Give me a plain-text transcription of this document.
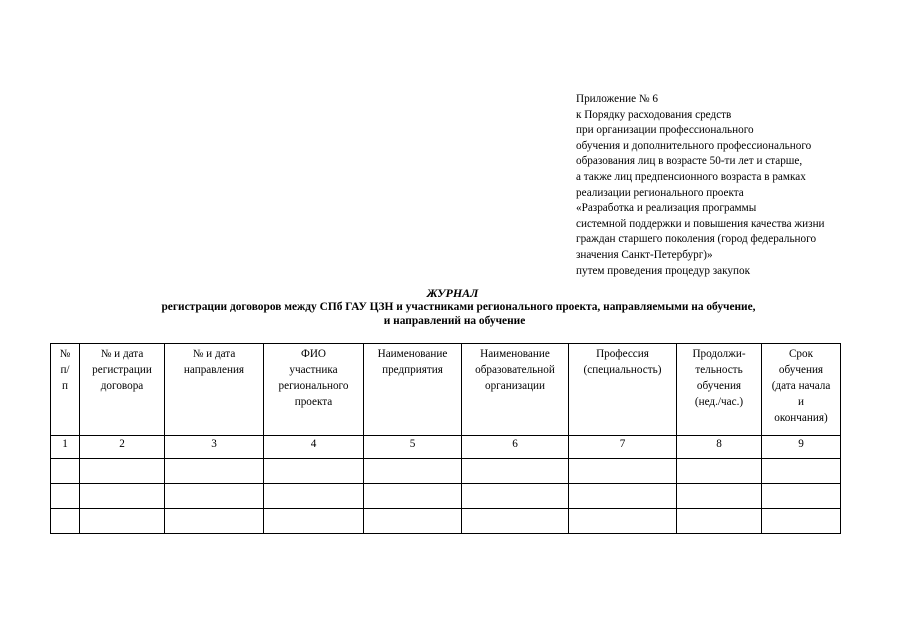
Приложение № 6
к Порядку расходования средств
при организации профессионального
обучения и дополнительного профессионального
образования лиц в возрасте 50-ти лет и старше,
а также лиц предпенсионного возраста в рамках
реализации регионального проекта
«Разработка и реализация программы
системной поддержки и повышения качества жизни
граждан старшего поколения (город федерального
значения Санкт-Петербург)»
путем проведения процедур закупок
ЖУРНАЛ
регистрации договоров между СПб ГАУ ЦЗН и участниками регионального проекта, направляемыми на обучение,
и направлений на обучение
№
п/
п	№ и дата
регистрации
договора	№ и дата
направления	ФИО
участника
регионального
проекта	Наименование
предприятия	Наименование
образовательной
организации	Профессия
(специальность)	Продолжи-
тельность
обучения
(нед./час.)	Срок
обучения
(дата начала
и
окончания)

1	2	3	4	5	6	7	8	9
